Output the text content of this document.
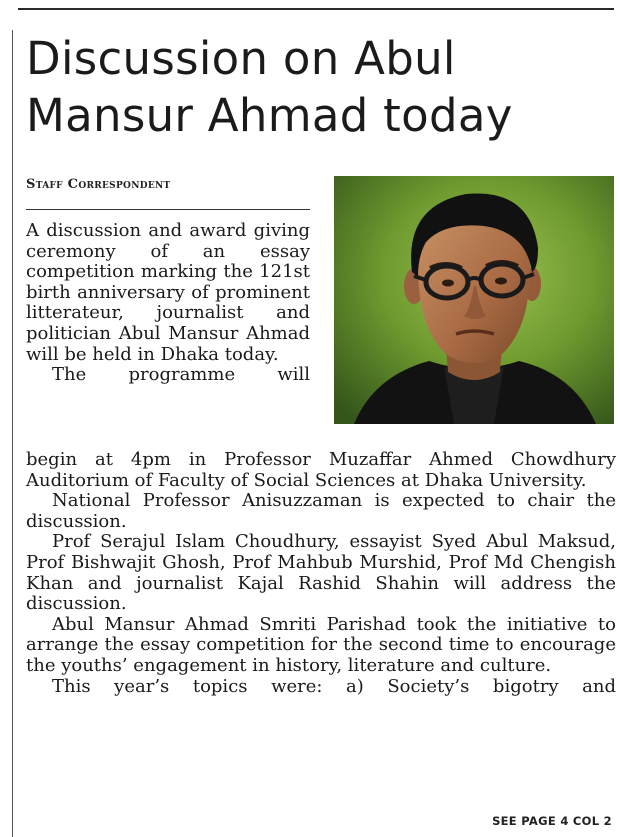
Discussion on Abul
Mansur Ahmad today
Staff Correspondent

A discussion and award giving ceremony of an essay competition marking the 121st birth anniversary of prominent litterateur, journalist and politician Abul Mansur Ahmad will be held in Dhaka today.

The programme will

begin at 4pm in Professor Muzaffar Ahmed Chowdhury Auditorium of Faculty of Social Sciences at Dhaka University.

National Professor Anisuzzaman is expected to chair the discussion.

Prof Serajul Islam Choudhury, essayist Syed Abul Maksud, Prof Bishwajit Ghosh, Prof Mahbub Murshid, Prof Md Chengish Khan and journalist Kajal Rashid Shahin will address the discussion.

Abul Mansur Ahmad Smriti Parishad took the initiative to arrange the essay competition for the second time to encourage the youths’ engagement in history, literature and culture.

This year’s topics were: a) Society’s bigotry and

SEE PAGE 4 COL 2
